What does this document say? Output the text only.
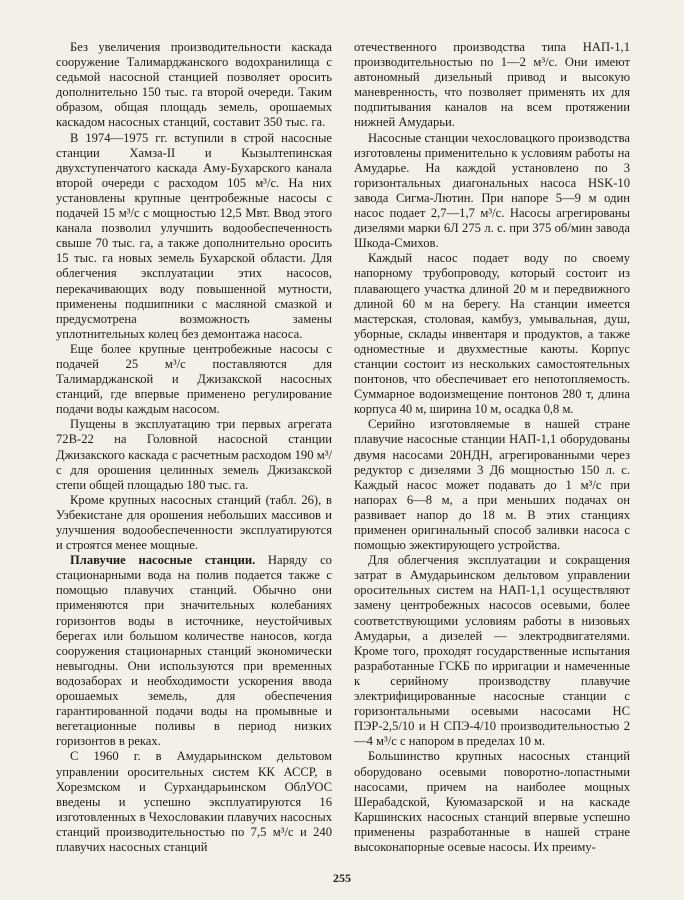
Без увеличения производительности каскада сооружение Талимарджанского водохранилища с седьмой насосной станцией позволяет оросить дополнительно 150 тыс. га второй очереди. Таким образом, общая площадь земель, орошаемых каскадом насосных станций, составит 350 тыс. га.

В 1974—1975 гг. вступили в строй насосные станции Хамза-II и Кызылтепинская двухступенчатого каскада Аму-Бухарского канала второй очереди с расходом 105 м³/с. На них установлены крупные центробежные насосы с подачей 15 м³/с с мощностью 12,5 Мвт. Ввод этого канала позволил улучшить водообеспеченность свыше 70 тыс. га, а также дополнительно оросить 15 тыс. га новых земель Бухарской области. Для облегчения эксплуатации этих насосов, перекачивающих воду повышенной мутности, применены подшипники с масляной смазкой и предусмотрена возможность замены уплотнительных колец без демонтажа насоса.

Еще более крупные центробежные насосы с подачей 25 м³/с поставляются для Талимарджанской и Джизакской насосных станций, где впервые применено регулирование подачи воды каждым насосом.

Пущены в эксплуатацию три первых агрегата 72В-22 на Головной насосной станции Джизакского каскада с расчетным расходом 190 м³/с для орошения целинных земель Джизакской степи общей площадью 180 тыс. га.

Кроме крупных насосных станций (табл. 26), в Узбекистане для орошения небольших массивов и улучшения водообеспеченности эксплуатируются и строятся менее мощные.

Плавучие насосные станции. Наряду со стационарными вода на полив подается также с помощью плавучих станций. Обычно они применяются при значительных колебаниях горизонтов воды в источнике, неустойчивых берегах или большом количестве наносов, когда сооружения стационарных станций экономически невыгодны. Они используются при временных водозаборах и необходимости ускорения ввода орошаемых земель, для обеспечения гарантированной подачи воды на промывные и вегетационные поливы в период низких горизонтов в реках.

С 1960 г. в Амударьинском дельтовом управлении оросительных систем КК АССР, в Хорезмском и Сурхандарьинском ОблУОС введены и успешно эксплуатируются 16 изготовленных в Чехословакии плавучих насосных станций производительностью по 7,5 м³/с и 240 плавучих насосных станций

отечественного производства типа НАП-1,1 производительностью по 1—2 м³/с. Они имеют автономный дизельный привод и высокую маневренность, что позволяет применять их для подпитывания каналов на всем протяжении нижней Амударьи.

Насосные станции чехословацкого производства изготовлены применительно к условиям работы на Амударье. На каждой установлено по 3 горизонтальных диагональных насоса HSK-10 завода Сигма-Лютин. При напоре 5—9 м один насос подает 2,7—1,7 м³/с. Насосы агрегированы дизелями марки 6Л 275 л. с. при 375 об/мин завода Шкода-Смихов.

Каждый насос подает воду по своему напорному трубопроводу, который состоит из плавающего участка длиной 20 м и передвижного длиной 60 м на берегу. На станции имеется мастерская, столовая, камбуз, умывальная, душ, уборные, склады инвентаря и продуктов, а также одноместные и двухместные каюты. Корпус станции состоит из нескольких самостоятельных понтонов, что обеспечивает его непотопляемость. Суммарное водоизмещение понтонов 280 т, длина корпуса 40 м, ширина 10 м, осадка 0,8 м.

Серийно изготовляемые в нашей стране плавучие насосные станции НАП-1,1 оборудованы двумя насосами 20НДН, агрегированными через редуктор с дизелями 3 Д6 мощностью 150 л. с. Каждый насос может подавать до 1 м³/с при напорах 6—8 м, а при меньших подачах он развивает напор до 18 м. В этих станциях применен оригинальный способ заливки насоса с помощью эжектирующего устройства.

Для облегчения эксплуатации и сокращения затрат в Амударьинском дельтовом управлении оросительных систем на НАП-1,1 осуществляют замену центробежных насосов осевыми, более соответствующими условиям работы в низовьях Амударьи, а дизелей — электродвигателями. Кроме того, проходят государственные испытания разработанные ГСКБ по ирригации и намеченные к серийному производству плавучие электрифицированные насосные станции с горизонтальными осевыми насосами НС ПЭР-2,5/10 и Н СПЭ-4/10 производительностью 2—4 м³/с с напором в пределах 10 м.

Большинство крупных насосных станций оборудовано осевыми поворотно-лопастными насосами, причем на наиболее мощных Шерабадской, Куюмазарской и на каскаде Каршинских насосных станций впервые успешно применены разработанные в нашей стране высоконапорные осевые насосы. Их преиму-

255
